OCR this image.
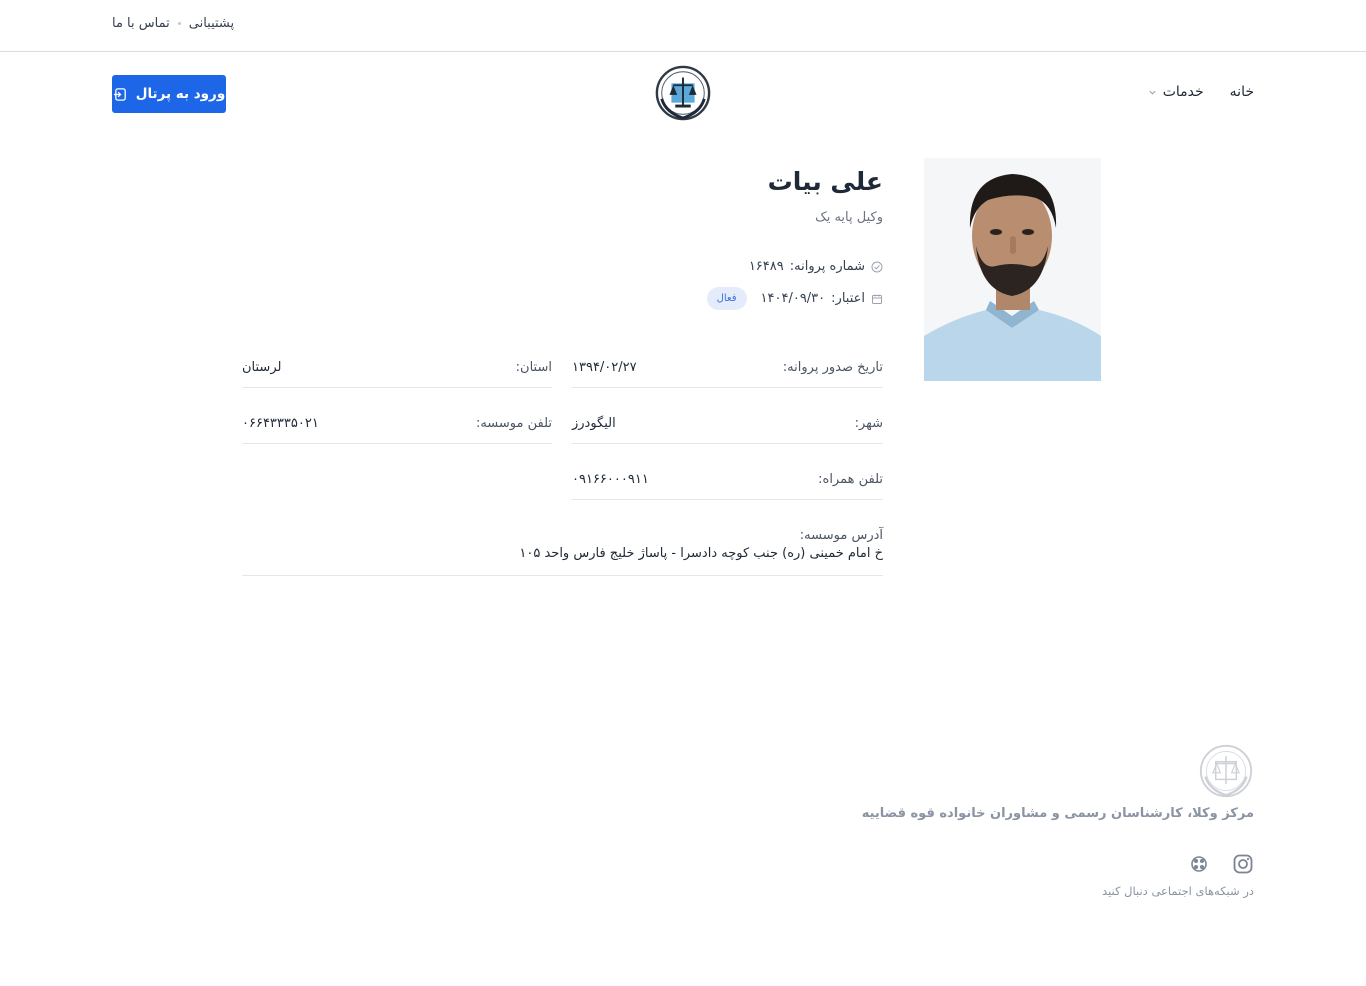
پشتیبانی
تماس با ما
خانه
خدمات
ورود به پرتال
علی بیات
وکیل پایه یک
شماره پروانه:
۱۶۴۸۹
اعتبار:
۱۴۰۴/۰۹/۳۰
فعال
تاریخ صدور پروانه:
۱۳۹۴/۰۲/۲۷
استان:
لرستان
شهر:
الیگودرز
تلفن موسسه:
۰۶۶۴۳۳۳۵۰۲۱
تلفن همراه:
۰۹۱۶۶۰۰۰۹۱۱
آدرس موسسه:
خ امام خمینی (ره) جنب کوچه دادسرا - پاساژ خلیج فارس واحد ۱۰۵
مرکز وکلا، کارشناسان رسمی و مشاوران خانواده قوه قضاییه
در شبکه‌های اجتماعی دنبال کنید
